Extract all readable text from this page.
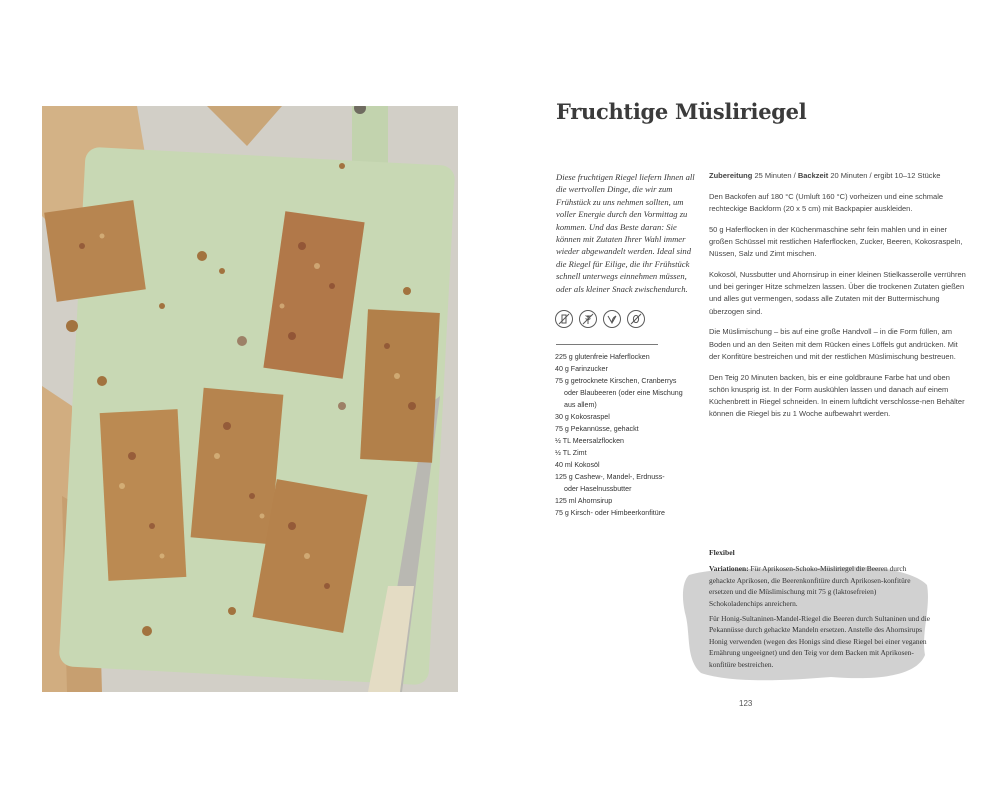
Fruchtige Müsliriegel

Diese fruchtigen Riegel liefern Ihnen all die wertvollen Dinge, die wir zum Frühstück zu uns nehmen sollten, um voller Energie durch den Vormittag zu kommen. Und das Beste daran: Sie können mit Zutaten Ihrer Wahl immer wieder abgewandelt werden. Ideal sind die Riegel für Eilige, die ihr Frühstück schnell unterwegs einnehmen müssen, oder als kleiner Snack zwischendurch.

225 g glutenfreie Haferflocken
40 g Farinzucker
75 g getrocknete Kirschen, Cranberrys
oder Blaubeeren (oder eine Mischung
aus allem)
30 g Kokosraspel
75 g Pekannüsse, gehackt
½ TL Meersalzflocken
½ TL Zimt
40 ml Kokosöl
125 g Cashew-, Mandel-, Erdnuss-
oder Haselnussbutter
125 ml Ahornsirup
75 g Kirsch- oder Himbeerkonfitüre

Zubereitung 25 Minuten / Backzeit 20 Minuten / ergibt 10–12 Stücke

Den Backofen auf 180 °C (Umluft 160 °C) vorheizen und eine schmale rechteckige Backform (20 x 5 cm) mit Backpapier auskleiden.

50 g Haferflocken in der Küchenmaschine sehr fein mahlen und in einer großen Schüssel mit restlichen Haferflocken, Zucker, Beeren, Kokosraspeln, Nüssen, Salz und Zimt mischen.

Kokosöl, Nussbutter und Ahornsirup in einer kleinen Stielkasserolle verrühren und bei geringer Hitze schmelzen lassen. Über die trockenen Zutaten gießen und alles gut vermengen, sodass alle Zutaten mit der Buttermischung überzogen sind.

Die Müslimischung – bis auf eine große Handvoll – in die Form füllen, am Boden und an den Seiten mit dem Rücken eines Löffels gut andrücken. Mit der Konfitüre bestreichen und mit der restlichen Müslimischung bestreuen.

Den Teig 20 Minuten backen, bis er eine goldbraune Farbe hat und oben schön knusprig ist. In der Form auskühlen lassen und danach auf einem Küchenbrett in Riegel schneiden. In einem luftdicht verschlosse-nen Behälter können die Riegel bis zu 1 Woche aufbewahrt werden.

Flexibel

Variationen: Für Aprikosen-Schoko-Müsliriegel die Beeren durch gehackte Aprikosen, die Beerenkonfitüre durch Aprikosen-konfitüre ersetzen und die Müslimischung mit 75 g (laktosefreien) Schokoladenchips anreichern.

Für Honig-Sultaninen-Mandel-Riegel die Beeren durch Sultaninen und die Pekannüsse durch gehackte Mandeln ersetzen. Anstelle des Ahornsirups Honig verwenden (wegen des Honigs sind diese Riegel bei einer veganen Ernährung ungeeignet) und den Teig vor dem Backen mit Aprikosen-konfitüre bestreichen.

123
